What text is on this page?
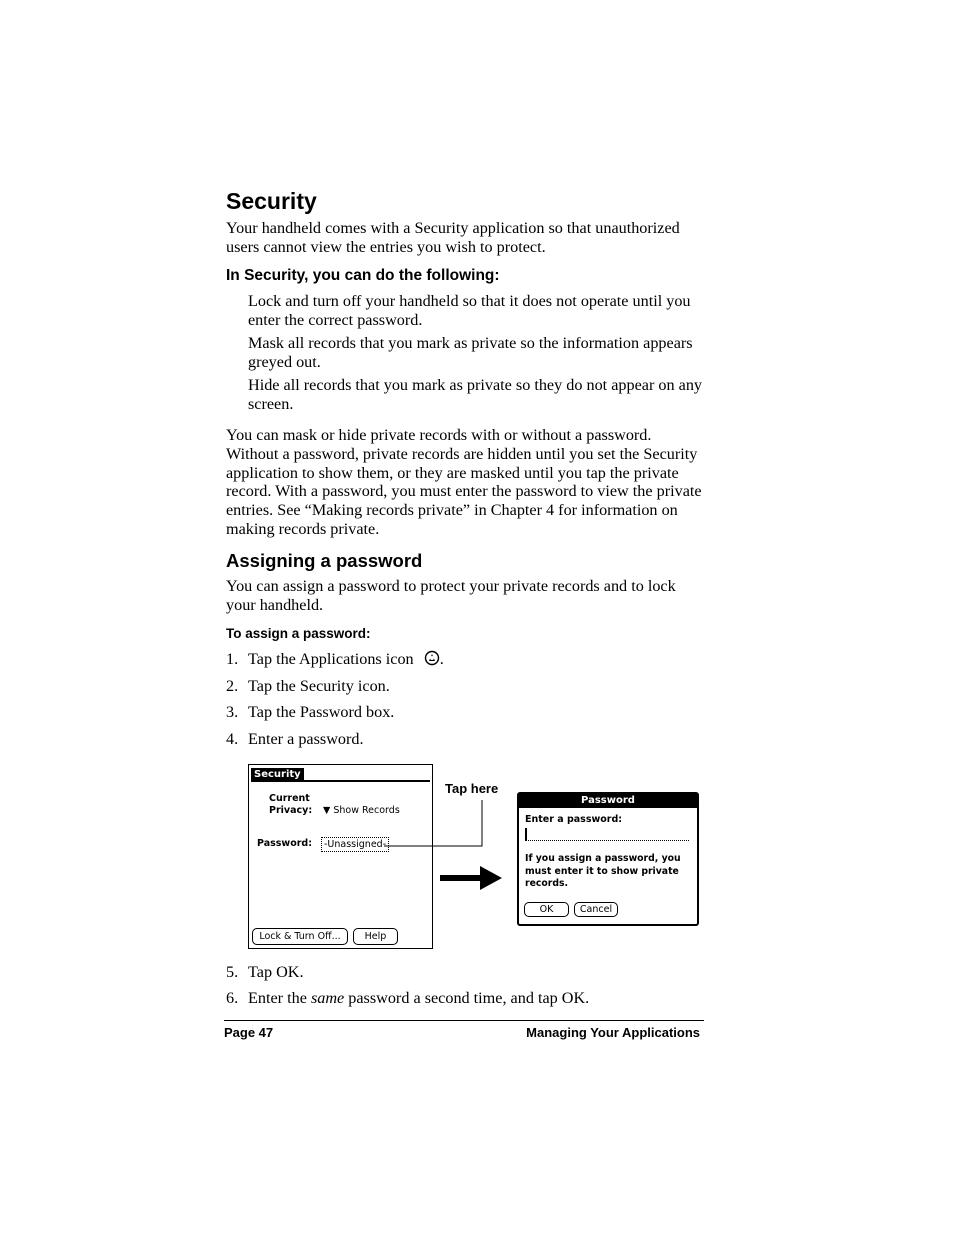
Security

Your handheld comes with a Security application so that unauthorized users cannot view the entries you wish to protect.

In Security, you can do the following:

Lock and turn off your handheld so that it does not operate until you enter the correct password.

Mask all records that you mark as private so the information appears greyed out.

Hide all records that you mark as private so they do not appear on any screen.

You can mask or hide private records with or without a password. Without a password, private records are hidden until you set the Security application to show them, or they are masked until you tap the private record. With a password, you must enter the password to view the private entries. See “Making records private” in Chapter 4 for information on making records private.

Assigning a password

You can assign a password to protect your private records and to lock your handheld.

To assign a password:
1. Tap the Applications icon .
2. Tap the Security icon.
3. Tap the Password box.
4. Enter a password.
Security
Current
Privacy: ▼ Show Records
Password:	-Unassigned-
Lock & Turn Off...	Help
Tap here
Password
Enter a password:
If you assign a password, you must enter it to show private records.
OK	Cancel
5. Tap OK.
6. Enter the same password a second time, and tap OK.
Page 47	Managing Your Applications
